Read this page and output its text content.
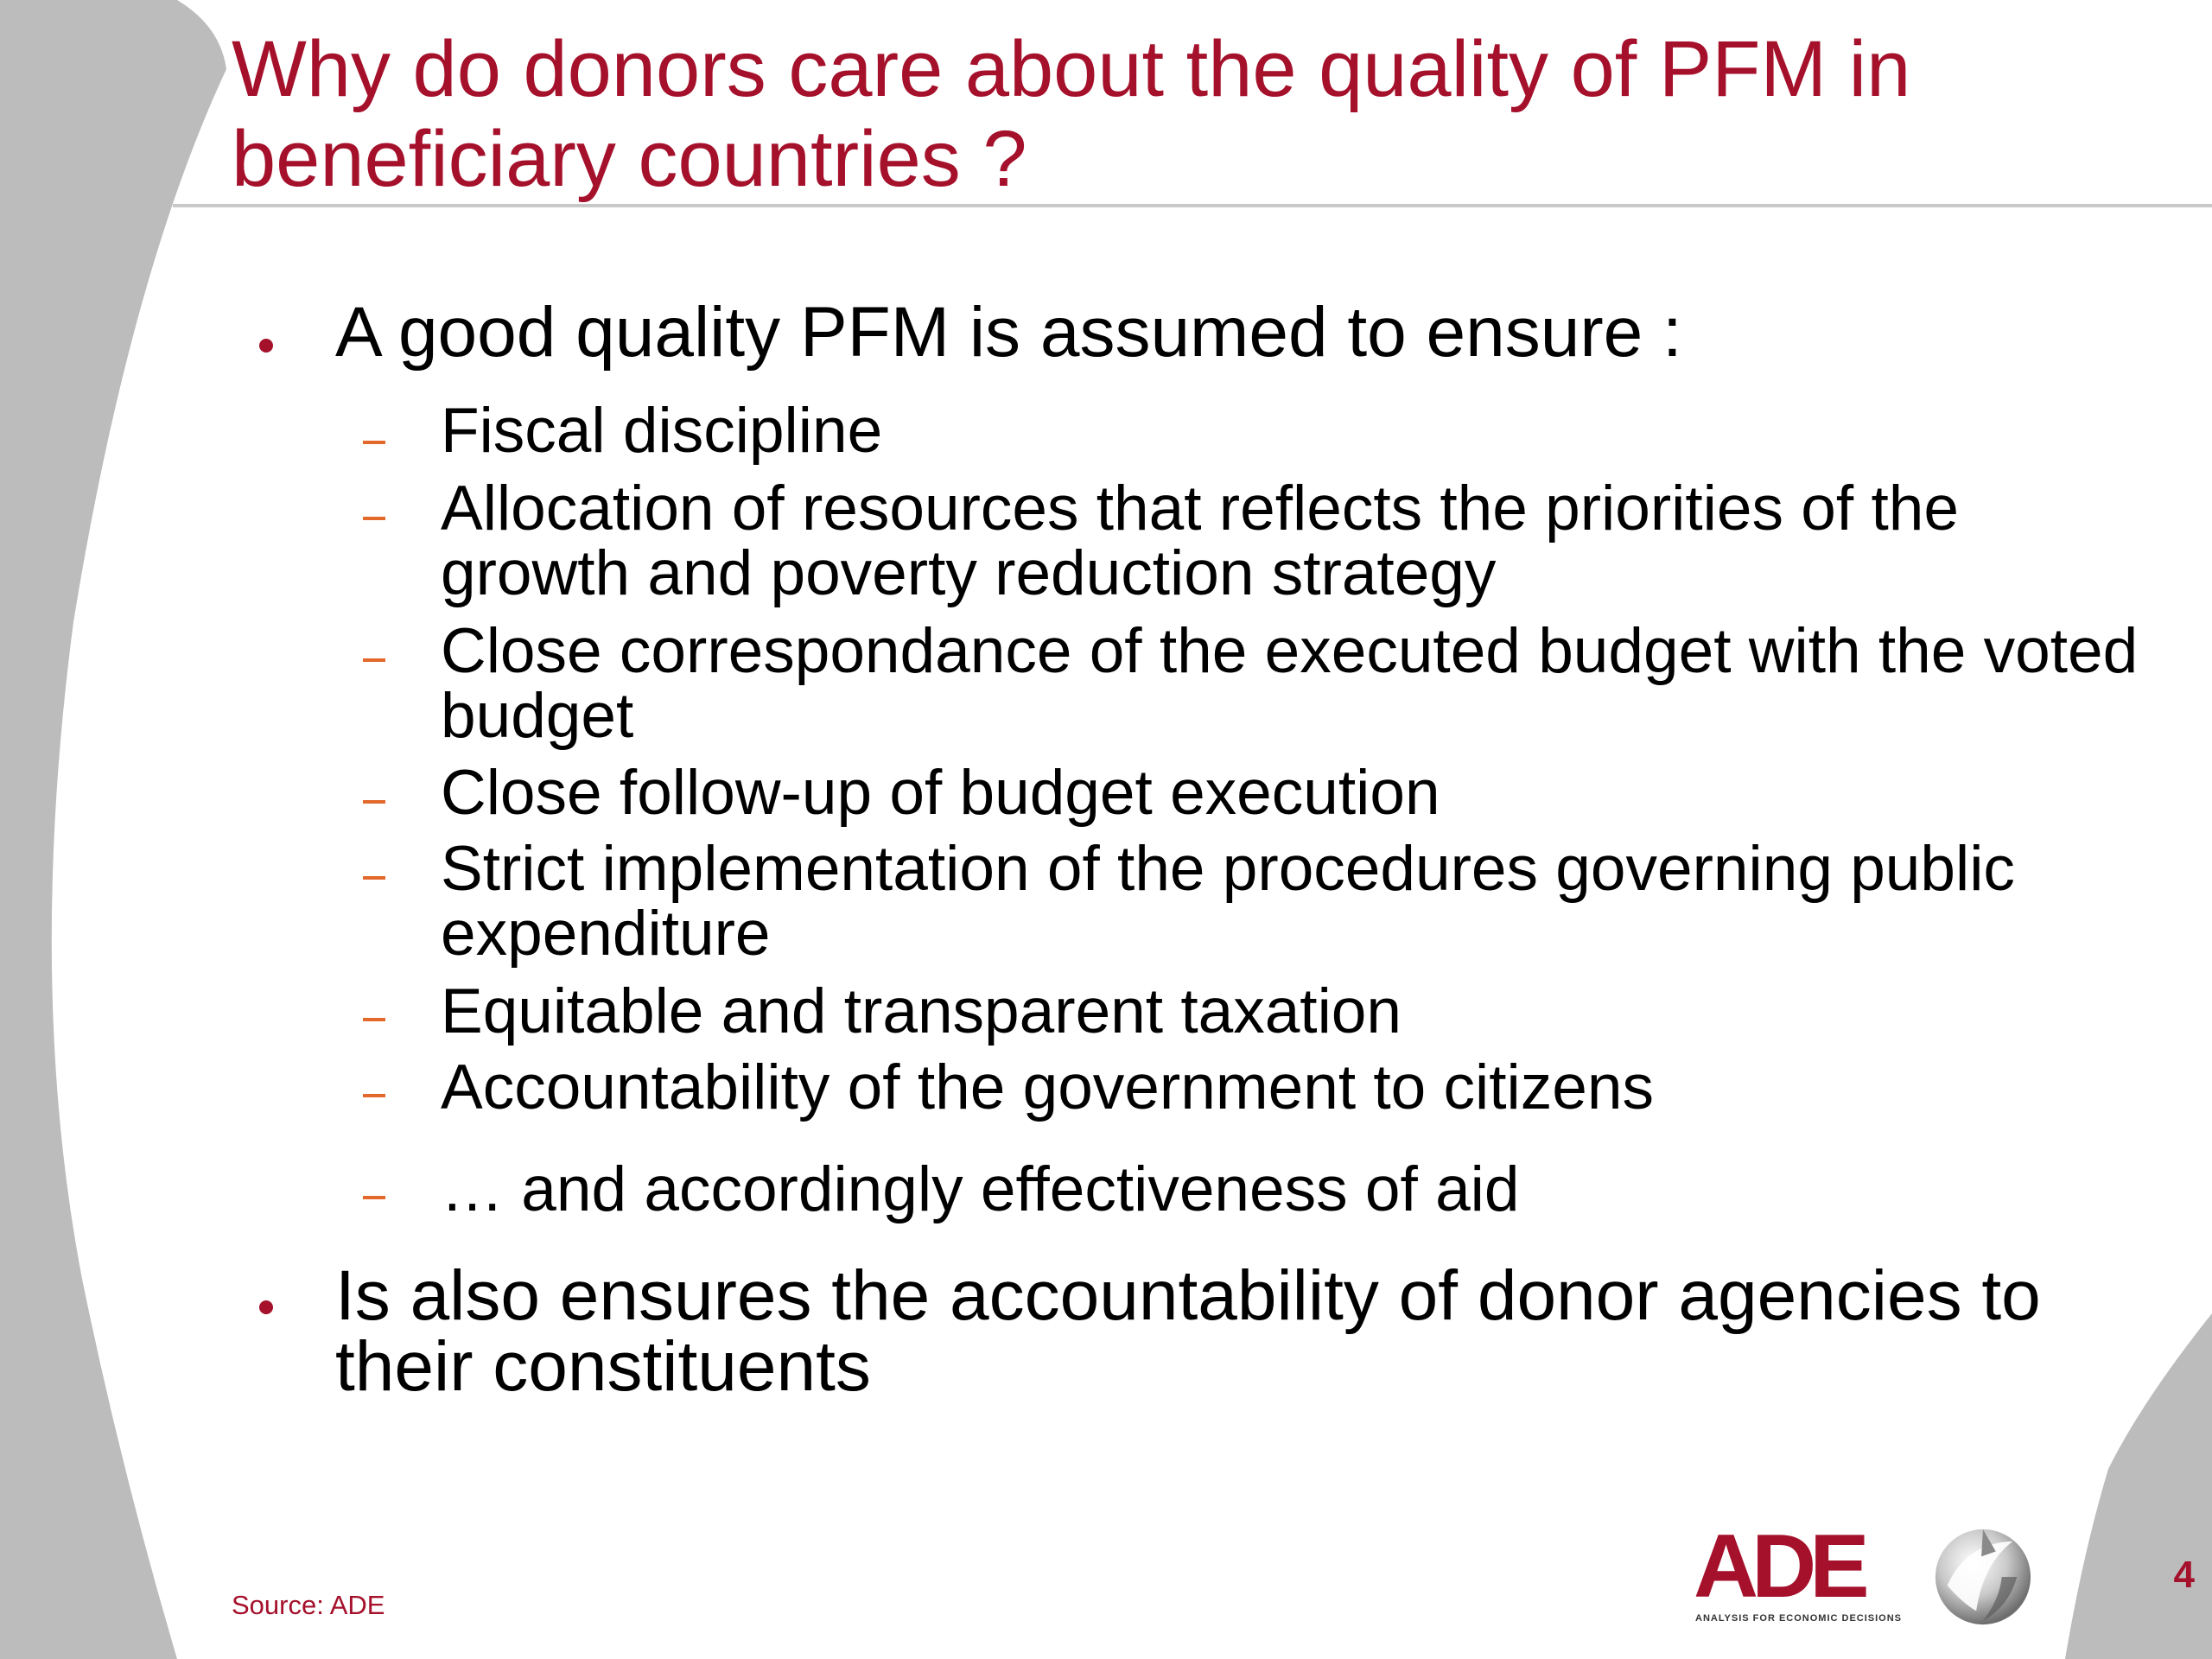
Why do donors care about the quality of PFM in beneficiary countries ?

A good quality PFM is assumed to ensure :

Fiscal discipline

Allocation of resources that reflects the priorities of the growth and poverty reduction strategy

Close correspondance of the executed budget with the voted budget

Close follow-up of budget execution

Strict implementation of the procedures governing public expenditure

Equitable and transparent taxation

Accountability of the government to citizens

… and accordingly effectiveness of aid

Is also ensures the accountability of donor agencies to their constituents

Source: ADE

4

ADE
ANALYSIS FOR ECONOMIC DECISIONS
